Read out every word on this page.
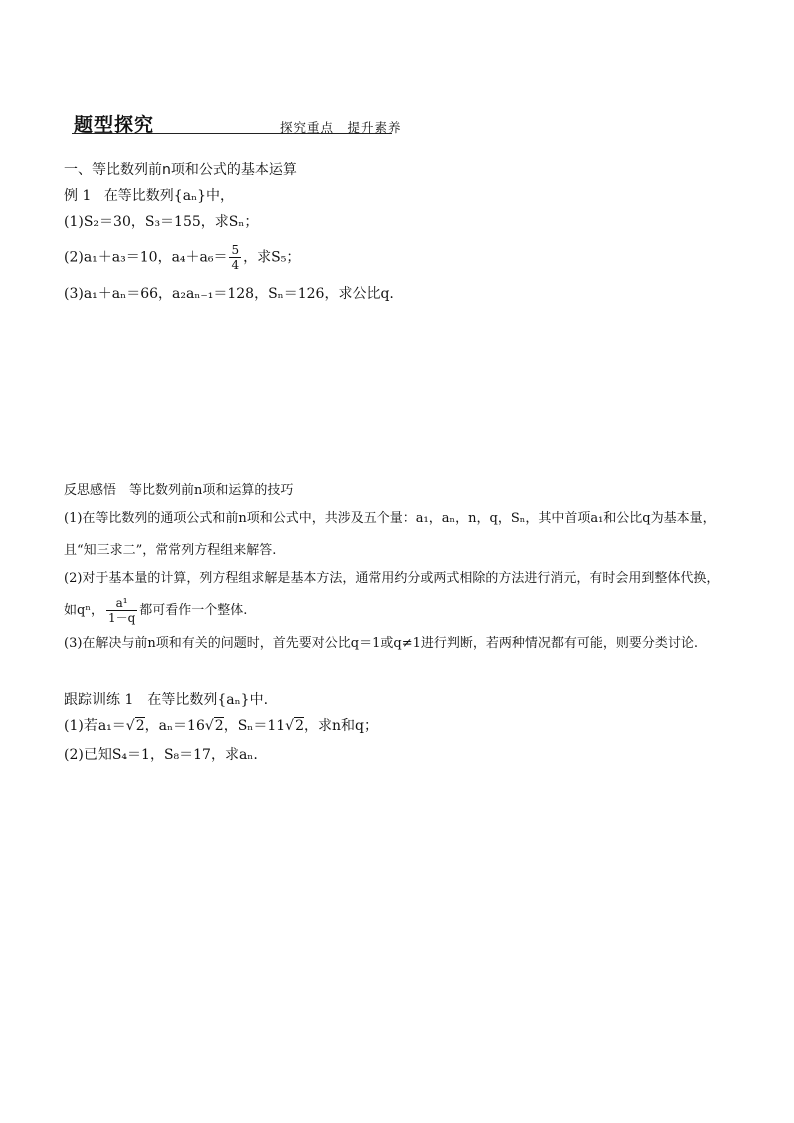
题型探究	探究重点　提升素养
一、等比数列前n项和公式的基本运算
例 1 在等比数列{aₙ}中，
(1)S₂＝30，S₃＝155，求Sₙ；
(2)a₁＋a₃＝10，$a_4+a_6= \frac{5}{4}$ ，求S₅；
(3)a₁＋aₙ＝66，a₂aₙ₋₁＝128，Sₙ＝126，求公比q.
反思感悟　等比数列前n项和运算的技巧
(1)在等比数列的通项公式和前n项和公式中，共涉及五个量：a₁，aₙ，n，q，Sₙ，其中首项a₁和公比q为基本量，且“知三求二”，常常列方程组来解答.
(2)对于基本量的计算，列方程组求解是基本方法，通常用约分或两式相除的方法进行消元，有时会用到整体代换，如qⁿ， $\frac{\text{a¹}}{1-q}$ 都可看作一个整体.
(3)在解决与前n项和有关的问题时，首先要对公比q＝1或q≠1进行判断，若两种情况都有可能，则要分类讨论.
跟踪训练 1　在等比数列{aₙ}中.
(1)若a₁＝√2，aₙ＝16√2，Sₙ＝11√2，求n和q；
(2)已知S₄＝1，S₈＝17，求aₙ.
